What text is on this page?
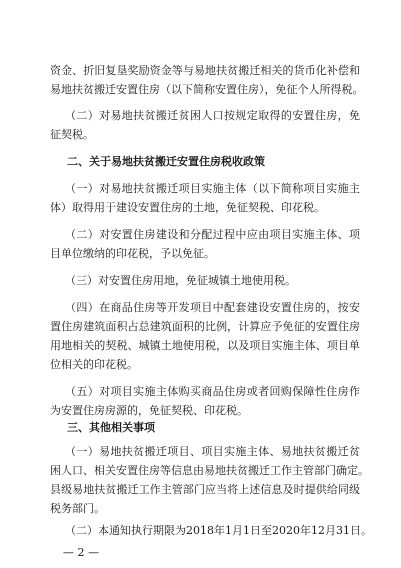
资金、折旧复垦奖励资金等与易地扶贫搬迁相关的货币化补偿和
易地扶贫搬迁安置住房（以下简称安置住房），免征个人所得税。
（二）对易地扶贫搬迁贫困人口按规定取得的安置住房，免
征契税。
二、关于易地扶贫搬迁安置住房税收政策
（一）对易地扶贫搬迁项目实施主体（以下简称项目实施主
体）取得用于建设安置住房的土地，免征契税、印花税。
（二）对安置住房建设和分配过程中应由项目实施主体、项
目单位缴纳的印花税，予以免征。
（三）对安置住房用地，免征城镇土地使用税。
（四）在商品住房等开发项目中配套建设安置住房的，按安
置住房建筑面积占总建筑面积的比例，计算应予免征的安置住房
用地相关的契税、城镇土地使用税，以及项目实施主体、项目单
位相关的印花税。
（五）对项目实施主体购买商品住房或者回购保障性住房作
为安置住房房源的，免征契税、印花税。
三、其他相关事项
（一）易地扶贫搬迁项目、项目实施主体、易地扶贫搬迁贫
困人口、相关安置住房等信息由易地扶贫搬迁工作主管部门确定。
县级易地扶贫搬迁工作主管部门应当将上述信息及时提供给同级
税务部门。
（二）本通知执行期限为2018年1月1日至2020年12月31日。
— 2 —
